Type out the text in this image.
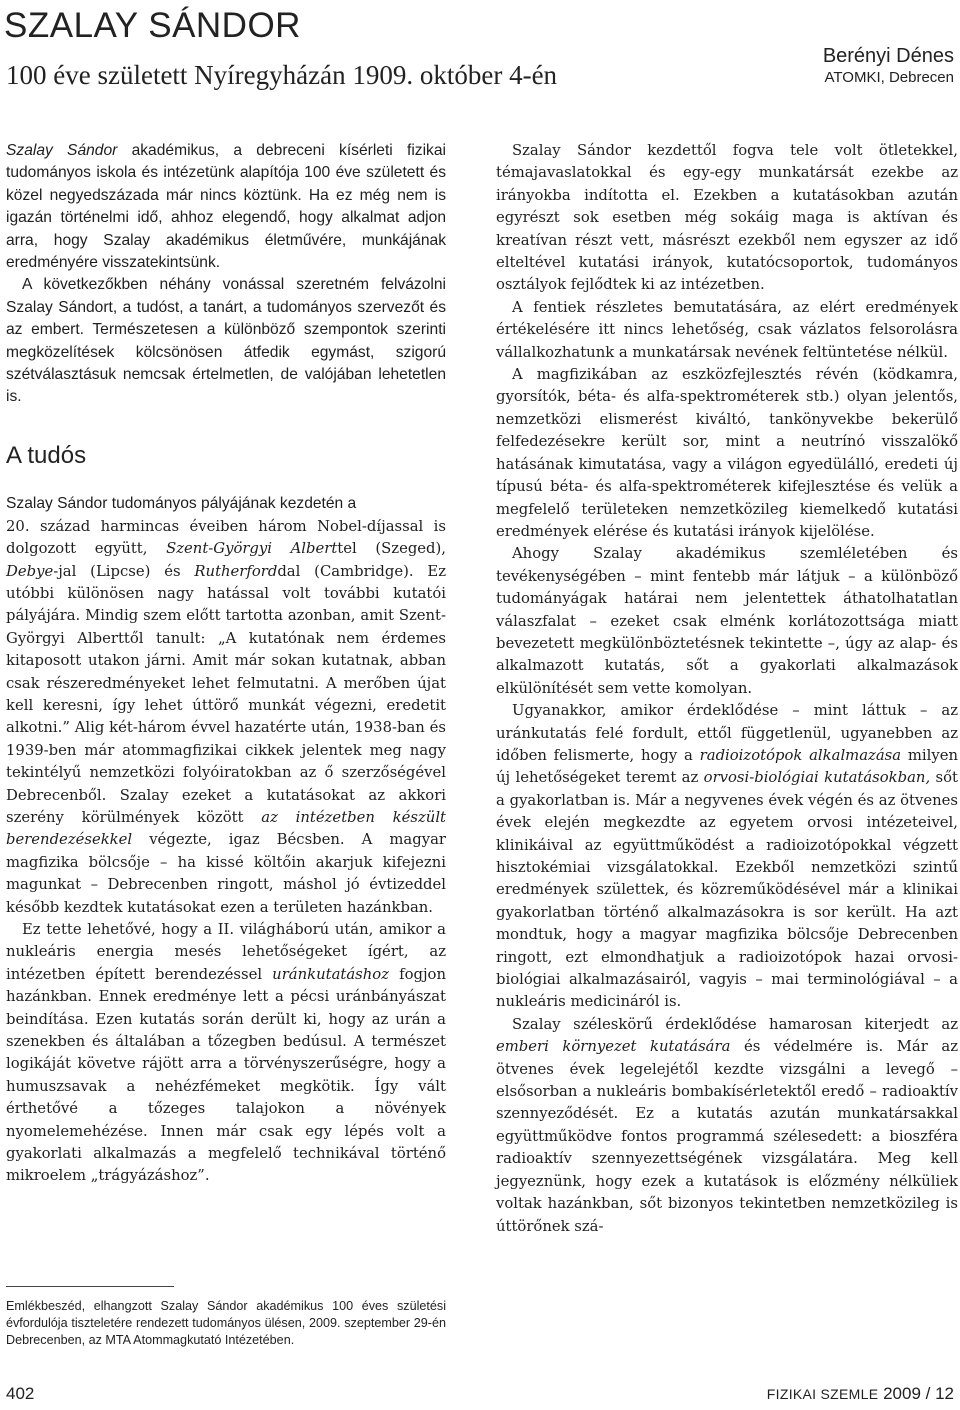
SZALAY SÁNDOR
100 éve született Nyíregyházán 1909. október 4-én
Berényi Dénes
ATOMKI, Debrecen

Szalay Sándor akadémikus, a debreceni kísérleti fizikai tudományos iskola és intézetünk alapítója 100 éve született és közel negyedszázada már nincs köztünk. Ha ez még nem is igazán történelmi idő, ahhoz elegendő, hogy alkalmat adjon arra, hogy Szalay akadémikus életművére, munkájának eredményére visszatekintsünk.

A következőkben néhány vonással szeretném felvázolni Szalay Sándort, a tudóst, a tanárt, a tudományos szervezőt és az embert. Természetesen a különböző szempontok szerinti megközelítések kölcsönösen átfedik egymást, szigorú szétválasztásuk nemcsak értelmetlen, de valójában lehetetlen is.

A tudós

Szalay Sándor tudományos pályájának kezdetén a

20. század harmincas éveiben három Nobel-díjassal is dolgozott együtt, Szent-Györgyi Alberttel (Szeged), Debye-jal (Lipcse) és Rutherforddal (Cambridge). Ez utóbbi különösen nagy hatással volt további kutatói pályájára. Mindig szem előtt tartotta azonban, amit Szent-Györgyi Alberttől tanult: „A kutatónak nem érdemes kitaposott utakon járni. Amit már sokan kutatnak, abban csak részeredményeket lehet felmutatni. A merőben újat kell keresni, így lehet úttörő munkát végezni, eredetit alkotni.” Alig két-három évvel hazatérte után, 1938-ban és 1939-ben már atommagfizikai cikkek jelentek meg nagy tekintélyű nemzetközi folyóiratokban az ő szerzőségével Debrecenből. Szalay ezeket a kutatásokat az akkori szerény körülmények között az intézetben készült berendezésekkel végezte, igaz Bécsben. A magyar magfizika bölcsője – ha kissé költőin akarjuk kifejezni magunkat – Debrecenben ringott, máshol jó évtizeddel később kezdtek kutatásokat ezen a területen hazánkban.

Ez tette lehetővé, hogy a II. világháború után, amikor a nukleáris energia mesés lehetőségeket ígért, az intézetben épített berendezéssel uránkutatáshoz fogjon hazánkban. Ennek eredménye lett a pécsi uránbányászat beindítása. Ezen kutatás során derült ki, hogy az urán a szenekben és általában a tőzegben bedúsul. A természet logikáját követve rájött arra a törvényszerűségre, hogy a humuszsavak a nehézfémeket megkötik. Így vált érthetővé a tőzeges talajokon a növények nyomelemehézése. Innen már csak egy lépés volt a gyakorlati alkalmazás a megfelelő technikával történő mikroelem „trágyázáshoz”.

Emlékbeszéd, elhangzott Szalay Sándor akadémikus 100 éves születési évfordulója tiszteletére rendezett tudományos ülésen, 2009. szeptember 29-én Debrecenben, az MTA Atommagkutató Intézetében.

Szalay Sándor kezdettől fogva tele volt ötletekkel, témajavaslatokkal és egy-egy munkatársát ezekbe az irányokba indította el. Ezekben a kutatásokban azután egyrészt sok esetben még sokáig maga is aktívan és kreatívan részt vett, másrészt ezekből nem egyszer az idő elteltével kutatási irányok, kutatócsoportok, tudományos osztályok fejlődtek ki az intézetben.

A fentiek részletes bemutatására, az elért eredmények értékelésére itt nincs lehetőség, csak vázlatos felsorolásra vállalkozhatunk a munkatársak nevének feltüntetése nélkül.

A magfizikában az eszközfejlesztés révén (ködkamra, gyorsítók, béta- és alfa-spektrométerek stb.) olyan jelentős, nemzetközi elismerést kiváltó, tankönyvekbe bekerülő felfedezésekre került sor, mint a neutrínó visszalökő hatásának kimutatása, vagy a világon egyedülálló, eredeti új típusú béta- és alfa-spektrométerek kifejlesztése és velük a megfelelő területeken nemzetközileg kiemelkedő kutatási eredmények elérése és kutatási irányok kijelölése.

Ahogy Szalay akadémikus szemléletében és tevékenységében – mint fentebb már látjuk – a különböző tudományágak határai nem jelentettek áthatolhatatlan válaszfalat – ezeket csak elménk korlátozottsága miatt bevezetett megkülönböztetésnek tekintette –, úgy az alap- és alkalmazott kutatás, sőt a gyakorlati alkalmazások elkülönítését sem vette komolyan.

Ugyanakkor, amikor érdeklődése – mint láttuk – az uránkutatás felé fordult, ettől függetlenül, ugyanebben az időben felismerte, hogy a radioizotópok alkalmazása milyen új lehetőségeket teremt az orvosi-biológiai kutatásokban, sőt a gyakorlatban is. Már a negyvenes évek végén és az ötvenes évek elején megkezdte az egyetem orvosi intézeteivel, klinikáival az együttműködést a radioizotópokkal végzett hisztokémiai vizsgálatokkal. Ezekből nemzetközi szintű eredmények születtek, és közreműködésével már a klinikai gyakorlatban történő alkalmazásokra is sor került. Ha azt mondtuk, hogy a magyar magfizika bölcsője Debrecenben ringott, ezt elmondhatjuk a radioizotópok hazai orvosi-biológiai alkalmazásairól, vagyis – mai terminológiával – a nukleáris medicináról is.

Szalay széleskörű érdeklődése hamarosan kiterjedt az emberi környezet kutatására és védelmére is. Már az ötvenes évek legelejétől kezdte vizsgálni a levegő – elsősorban a nukleáris bombakísérletektől eredő – radioaktív szennyeződését. Ez a kutatás azután munkatársakkal együttműködve fontos programmá szélesedett: a bioszféra radioaktív szennyezettségének vizsgálatára. Meg kell jegyeznünk, hogy ezek a kutatások is előzmény nélküliek voltak hazánkban, sőt bizonyos tekintetben nemzetközileg is úttörőnek szá-

402	FIZIKAI SZEMLE 2009 / 12
